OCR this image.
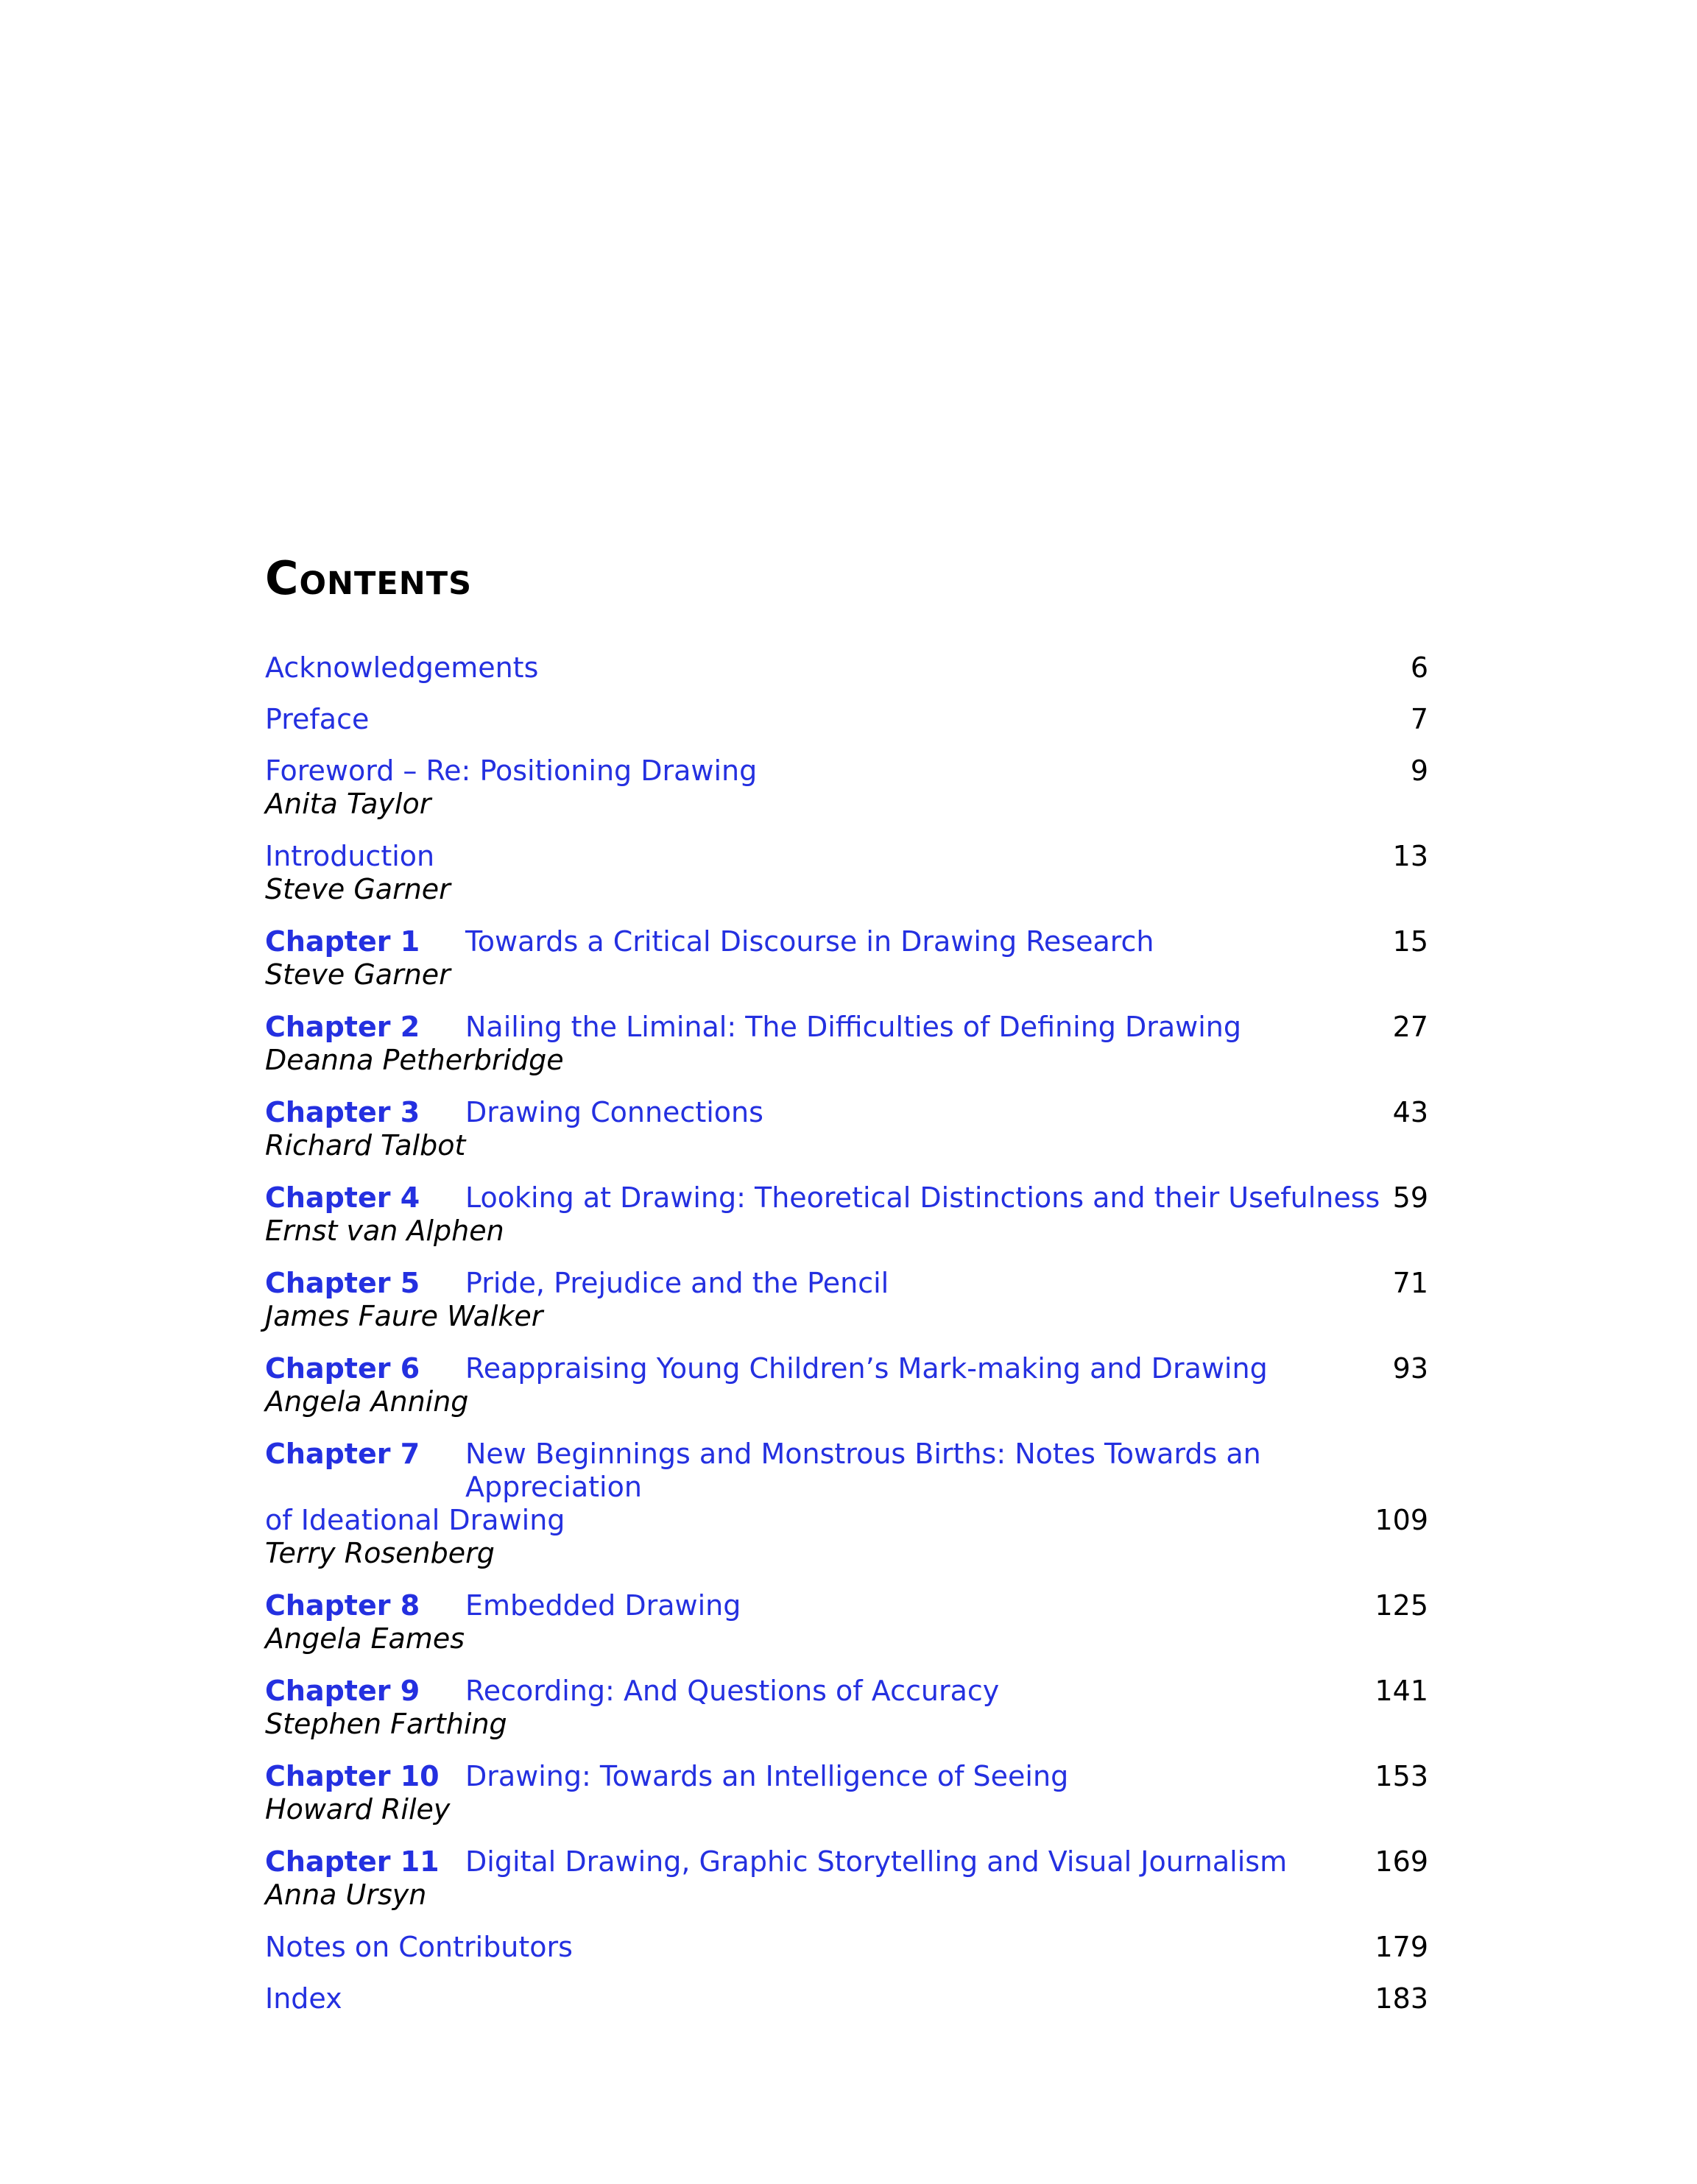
Contents
Acknowledgements	6
Preface	7
Foreword – Re: Positioning Drawing	9
Anita Taylor
Introduction	13
Steve Garner
Chapter 1	Towards a Critical Discourse in Drawing Research	15
Steve Garner
Chapter 2	Nailing the Liminal: The Difficulties of Defining Drawing	27
Deanna Petherbridge
Chapter 3	Drawing Connections	43
Richard Talbot
Chapter 4	Looking at Drawing: Theoretical Distinctions and their Usefulness 59
Ernst van Alphen
Chapter 5	Pride, Prejudice and the Pencil	71
James Faure Walker
Chapter 6	Reappraising Young Children’s Mark-making and Drawing	93
Angela Anning
Chapter 7	New Beginnings and Monstrous Births: Notes Towards an Appreciation
of Ideational Drawing	109
Terry Rosenberg
Chapter 8	Embedded Drawing	125
Angela Eames
Chapter 9	Recording: And Questions of Accuracy	141
Stephen Farthing
Chapter 10 Drawing: Towards an Intelligence of Seeing	153
Howard Riley
Chapter 11 Digital Drawing, Graphic Storytelling and Visual Journalism	169
Anna Ursyn
Notes on Contributors	179
Index	183
